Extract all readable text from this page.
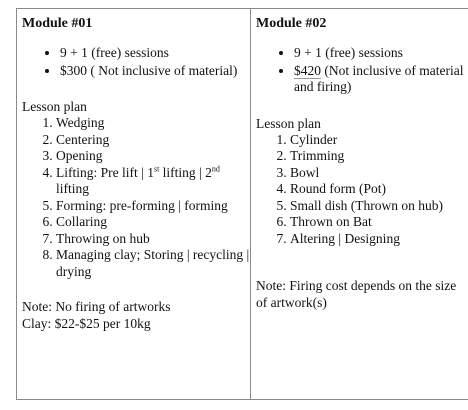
Module #01

• 9 + 1 (free) sessions
• $300 ( Not inclusive of material)

Lesson plan

1. Wedging
2. Centering
3. Opening
4. Lifting: Pre lift | 1st lifting | 2nd lifting
5. Forming: pre-forming | forming
6. Collaring
7. Throwing on hub
8. Managing clay; Storing | recycling | drying

Note: No firing of artworks

Clay: $22-$25 per 10kg

Module #02

• 9 + 1 (free) sessions
• $420 (Not inclusive of material and firing)

Lesson plan

1. Cylinder
2. Trimming
3. Bowl
4. Round form (Pot)
5. Small dish (Thrown on hub)
6. Thrown on Bat
7. Altering | Designing

Note: Firing cost depends on the size of artwork(s)
